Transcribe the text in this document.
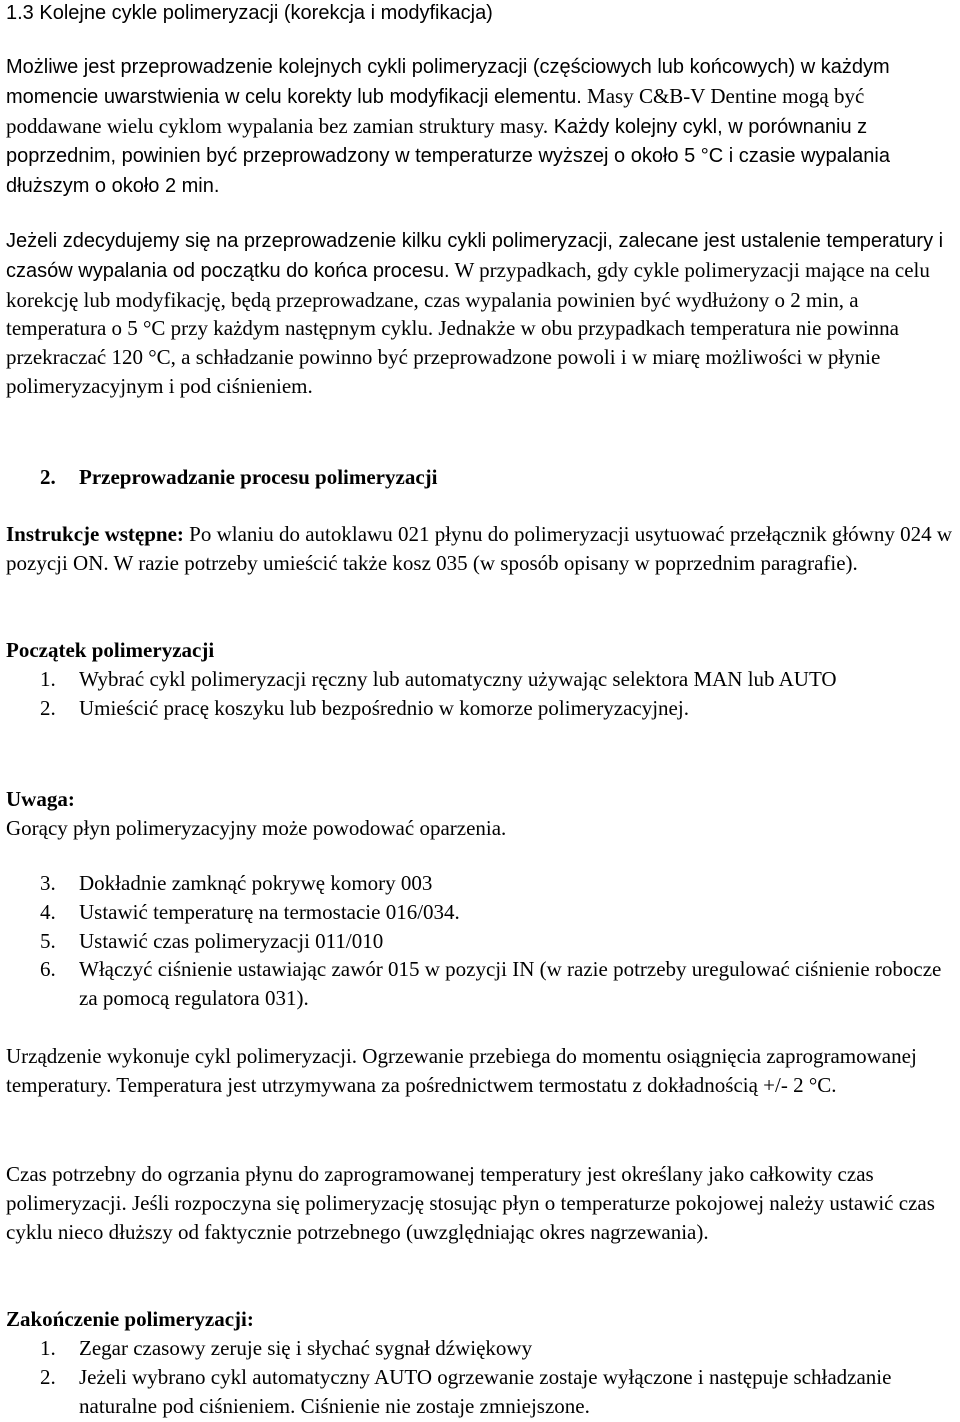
1.3 Kolejne cykle polimeryzacji (korekcja i modyfikacja)

Możliwe jest przeprowadzenie kolejnych cykli polimeryzacji (częściowych lub końcowych) w każdym momencie uwarstwienia w celu korekty lub modyfikacji elementu. Masy C&B-V Dentine mogą być poddawane wielu cyklom wypalania bez zamian struktury masy. Każdy kolejny cykl, w porównaniu z poprzednim, powinien być przeprowadzony w temperaturze wyższej o około 5 °C i czasie wypalania dłuższym o około 2 min.

Jeżeli zdecydujemy się na przeprowadzenie kilku cykli polimeryzacji, zalecane jest ustalenie temperatury i czasów wypalania od początku do końca procesu. W przypadkach, gdy cykle polimeryzacji mające na celu korekcję lub modyfikację, będą przeprowadzane, czas wypalania powinien być wydłużony o 2 min, a temperatura o 5 °C przy każdym następnym cyklu. Jednakże w obu przypadkach temperatura nie powinna przekraczać 120 °C, a schładzanie powinno być przeprowadzone powoli i w miarę możliwości w płynie polimeryzacyjnym i pod ciśnieniem.

2. Przeprowadzanie procesu polimeryzacji

Instrukcje wstępne: Po wlaniu do autoklawu 021 płynu do polimeryzacji usytuować przełącznik główny 024 w pozycji ON. W razie potrzeby umieścić także kosz 035 (w sposób opisany w poprzednim paragrafie).

Początek polimeryzacji
1. Wybrać cykl polimeryzacji ręczny lub automatyczny używając selektora MAN lub AUTO
2. Umieścić pracę koszyku lub bezpośrednio w komorze polimeryzacyjnej.
Uwaga:
Gorący płyn polimeryzacyjny może powodować oparzenia.
3. Dokładnie zamknąć pokrywę komory 003
4. Ustawić temperaturę na termostacie 016/034.
5. Ustawić czas polimeryzacji 011/010
6. Włączyć ciśnienie ustawiając zawór 015 w pozycji IN (w razie potrzeby uregulować ciśnienie robocze za pomocą regulatora 031).

Urządzenie wykonuje cykl polimeryzacji. Ogrzewanie przebiega do momentu osiągnięcia zaprogramowanej temperatury. Temperatura jest utrzymywana za pośrednictwem termostatu z dokładnością +/- 2 °C.

Czas potrzebny do ogrzania płynu do zaprogramowanej temperatury jest określany jako całkowity czas polimeryzacji. Jeśli rozpoczyna się polimeryzację stosując płyn o temperaturze pokojowej należy ustawić czas cyklu nieco dłuższy od faktycznie potrzebnego (uwzględniając okres nagrzewania).

Zakończenie polimeryzacji:
1. Zegar czasowy zeruje się i słychać sygnał dźwiękowy
2. Jeżeli wybrano cykl automatyczny AUTO ogrzewanie zostaje wyłączone i następuje schładzanie naturalne pod ciśnieniem. Ciśnienie nie zostaje zmniejszone.
